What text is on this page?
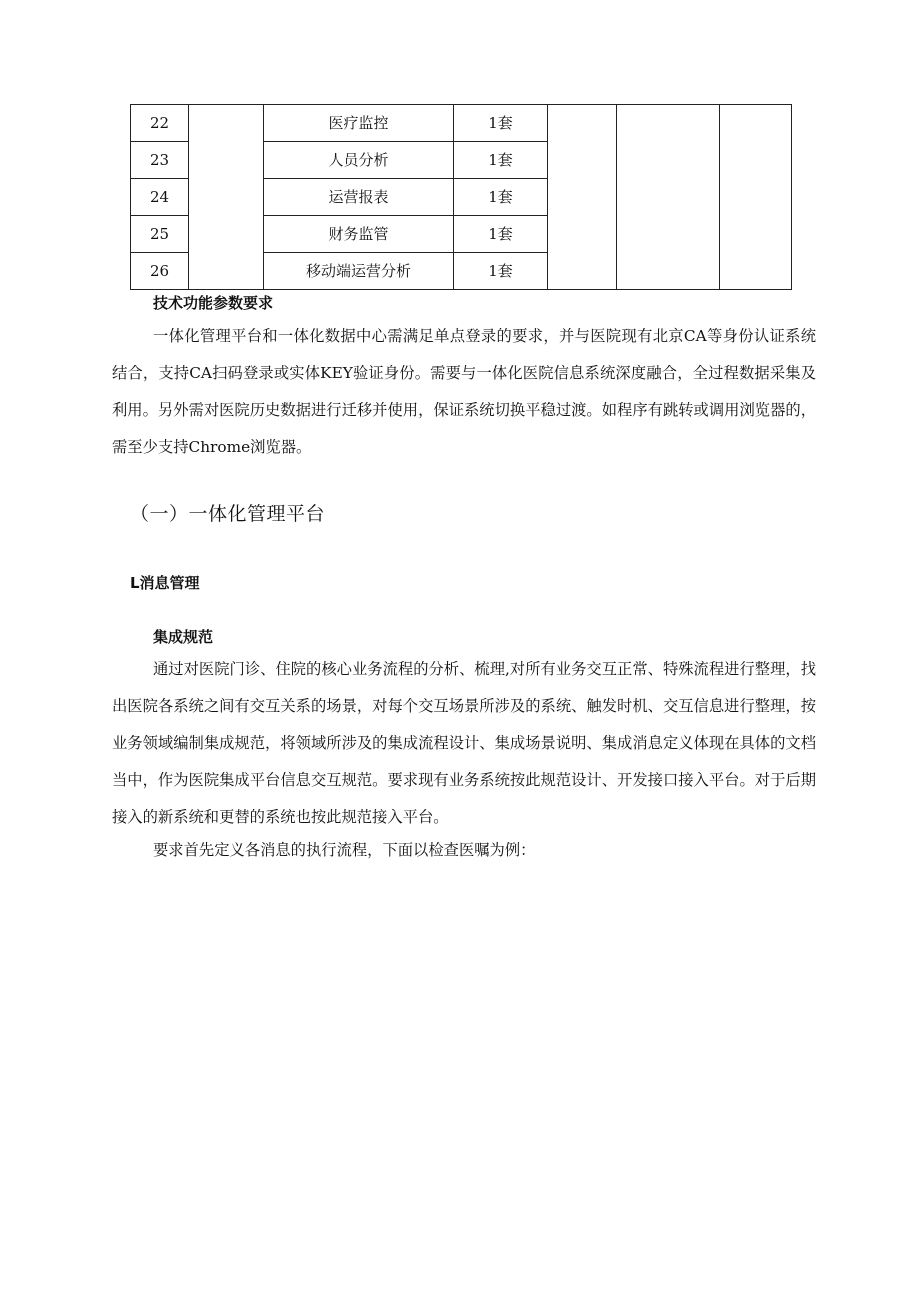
22		医疗监控	1套			
23		人员分析	1套			
24		运营报表	1套			
25		财务监管	1套			
26		移动端运营分析	1套			
技术功能参数要求

一体化管理平台和一体化数据中心需满足单点登录的要求，并与医院现有北京CA等身份认证系统结合，支持CA扫码登录或实体KEY验证身份。需要与一体化医院信息系统深度融合，全过程数据采集及利用。另外需对医院历史数据进行迁移并使用，保证系统切换平稳过渡。如程序有跳转或调用浏览器的，需至少支持Chrome浏览器。

（一）一体化管理平台
L消息管理
集成规范

通过对医院门诊、住院的核心业务流程的分析、梳理,对所有业务交互正常、特殊流程进行整理，找出医院各系统之间有交互关系的场景，对每个交互场景所涉及的系统、触发时机、交互信息进行整理，按业务领域编制集成规范，将领域所涉及的集成流程设计、集成场景说明、集成消息定义体现在具体的文档当中，作为医院集成平台信息交互规范。要求现有业务系统按此规范设计、开发接口接入平台。对于后期接入的新系统和更替的系统也按此规范接入平台。

要求首先定义各消息的执行流程，下面以检查医嘱为例：
